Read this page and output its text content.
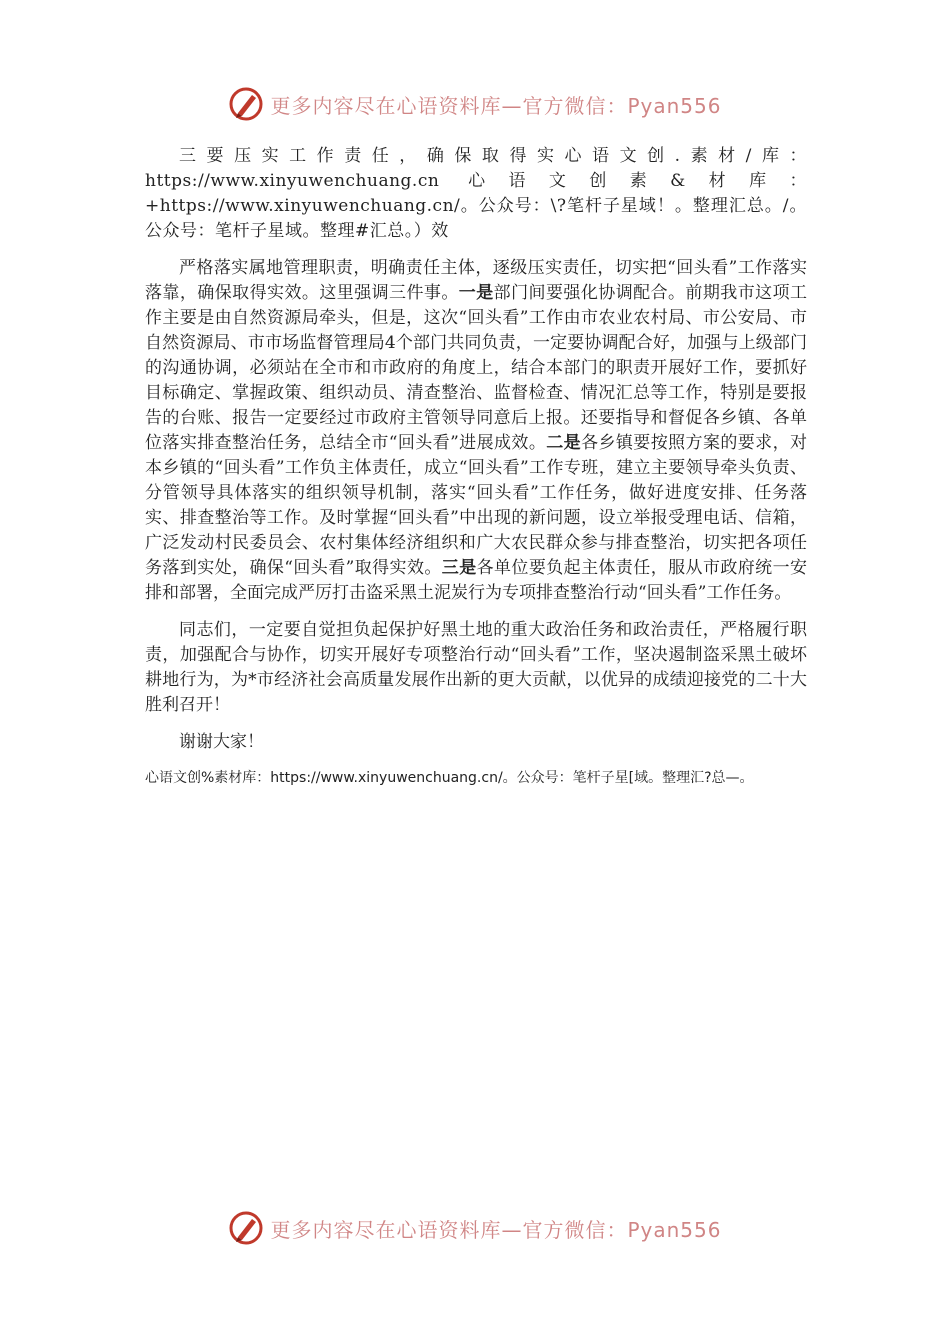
更多内容尽在心语资料库—官方微信：Pyan556

三要压实工作责任，确保取得实心语文创.素材/库：https://www.xinyuwenchuang.cn 心语文创素&材库：+https://www.xinyuwenchuang.cn/。公众号：\?笔杆子星域！。整理汇总。/。公众号：笔杆子星域。整理#汇总。）效

严格落实属地管理职责，明确责任主体，逐级压实责任，切实把“回头看”工作落实落靠，确保取得实效。这里强调三件事。一是部门间要强化协调配合。前期我市这项工作主要是由自然资源局牵头，但是，这次“回头看”工作由市农业农村局、市公安局、市自然资源局、市市场监督管理局4个部门共同负责，一定要协调配合好，加强与上级部门的沟通协调，必须站在全市和市政府的角度上，结合本部门的职责开展好工作，要抓好目标确定、掌握政策、组织动员、清查整治、监督检查、情况汇总等工作，特别是要报告的台账、报告一定要经过市政府主管领导同意后上报。还要指导和督促各乡镇、各单位落实排查整治任务，总结全市“回头看”进展成效。二是各乡镇要按照方案的要求，对本乡镇的“回头看”工作负主体责任，成立“回头看”工作专班，建立主要领导牵头负责、分管领导具体落实的组织领导机制，落实“回头看”工作任务，做好进度安排、任务落实、排查整治等工作。及时掌握“回头看”中出现的新问题，设立举报受理电话、信箱，广泛发动村民委员会、农村集体经济组织和广大农民群众参与排查整治，切实把各项任务落到实处，确保“回头看”取得实效。三是各单位要负起主体责任，服从市政府统一安排和部署，全面完成严厉打击盗采黑土泥炭行为专项排查整治行动“回头看”工作任务。

同志们，一定要自觉担负起保护好黑土地的重大政治任务和政治责任，严格履行职责，加强配合与协作，切实开展好专项整治行动“回头看”工作，坚决遏制盗采黑土破坏耕地行为，为*市经济社会高质量发展作出新的更大贡献，以优异的成绩迎接党的二十大胜利召开！

谢谢大家！

心语文创%素材库：https://www.xinyuwenchuang.cn/。公众号：笔杆子星[域。整理汇?总—。

更多内容尽在心语资料库—官方微信：Pyan556
